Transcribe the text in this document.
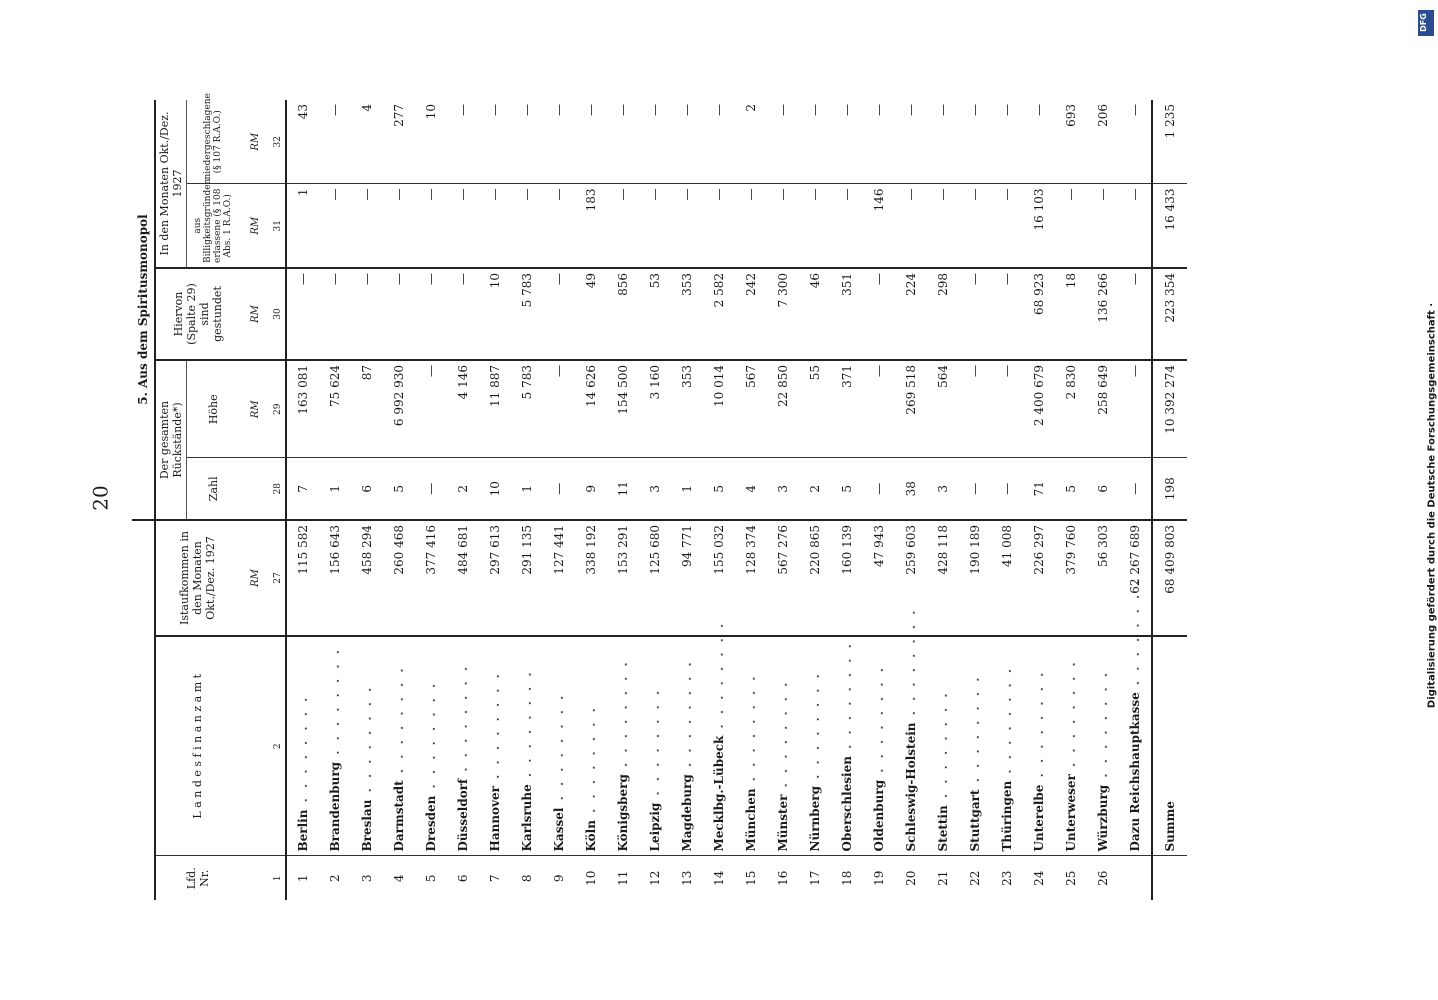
20
DFG
Digitalisierung gefördert durch die Deutsche Forschungsgemeinschaft ·
			5. Aus dem Spiritusmonopol				
Lfd. Nr.	L a n d e s f i n a n z a m t	Istaufkommen in den Monaten Okt./Dez. 1927	Der gesamten Rückstände*)		Hiervon (Spalte 29) sind gestundet	In den Monaten Okt./Dez. 1927	
			Zahl	Höhe		aus Billigkeitsgründen erlassene (§ 108 Abs. 1 R.A.O.)	niedergeschlagene (§ 107 R.A.O.)
		RM		RM	RM	RM	RM
1	2	27	28	29	30	31	32
1	Berlin . . . . . . . .	115 582	7	163 081	—	1	43
2	Brandenburg . . . . . . . .	156 643	1	75 624	—	—	—
3	Breslau . . . . . . . .	458 294	6	87	—	—	4
4	Darmstadt . . . . . . . .	260 468	5	6 992 930	—	—	277
5	Dresden . . . . . . . .	377 416	—	—	—	—	10
6	Düsseldorf . . . . . . . .	484 681	2	4 146	—	—	—
7	Hannover . . . . . . . .	297 613	10	11 887	10	—	—
8	Karlsruhe . . . . . . . .	291 135	1	5 783	5 783	—	—
9	Kassel . . . . . . . .	127 441	—	—	—	—	—
10	Köln . . . . . . . .	338 192	9	14 626	49	183	—
11	Königsberg . . . . . . . .	153 291	11	154 500	856	—	—
12	Leipzig . . . . . . . .	125 680	3	3 160	53	—	—
13	Magdeburg . . . . . . . .	94 771	1	353	353	—	—
14	Mecklbg.-Lübeck . . . . . . . .	155 032	5	10 014	2 582	—	—
15	München . . . . . . . .	128 374	4	567	242	—	2
16	Münster . . . . . . . .	567 276	3	22 850	7 300	—	—
17	Nürnberg . . . . . . . .	220 865	2	55	46	—	—
18	Oberschlesien . . . . . . . .	160 139	5	371	351	—	—
19	Oldenburg . . . . . . . .	47 943	—	—	—	146	—
20	Schleswig-Holstein . . . . . . . .	259 603	38	269 518	224	—	—
21	Stettin . . . . . . . .	428 118	3	564	298	—	—
22	Stuttgart . . . . . . . .	190 189	—	—	—	—	—
23	Thüringen . . . . . . . .	41 008	—	—	—	—	—
24	Unterelbe . . . . . . . .	226 297	71	2 400 679	68 923	16 103	—
25	Unterweser . . . . . . . .	379 760	5	2 830	18	—	693
26	Würzburg . . . . . . . .	56 303	6	258 649	136 266	—	206
	Dazu Reichshauptkasse . . . . . . . .	62 267 689	—	—	—	—	—
	Summe	68 409 803	198	10 392 274	223 354	16 433	1 235
